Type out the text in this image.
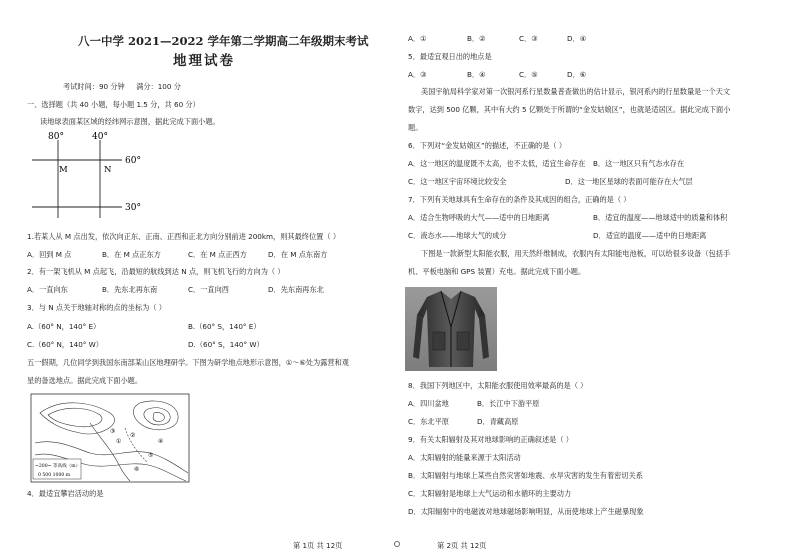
八一中学 2021—2022 学年第二学期高二年级期末考试
地理试卷
考试时间：90 分钟     满分：100 分
一、选择题（共 40 小题，每小题 1.5 分，共 60 分）
读地球表面某区域的经纬网示意图，据此完成下面小题。
80°	40°
60°
30°
M	N
1.若某人从 M 点出发，依次向正东、正南、正西和正北方向分别前进 200km，则其最终位置（ ）
A．回到 M 点	B．在 M 点正东方	C．在 M 点正西方	D．在 M 点东南方
2．有一架飞机从 M 点起飞，沿最短的航线到达 N 点，则飞机飞行的方向为（ ）
A．一直向东	B．先东北再东南	C．一直向西	D．先东南再东北
3．与 N 点关于地轴对称的点的坐标为（ ）
A.（60° N，140° E）	B.（60° S，140° E）
C.（60° N，140° W）	D.（60° S，140° W）
五一假期，几位同学到我国东南部某山区地理研学。下图为研学地点地形示意图，①～⑥处为露营和观
星的备选地点。据此完成下面小题。
①
②
③
④
⑤
⑥
~200~ 等高线（m）
0 500 1000 m
4．最适宜攀岩活动的是
第 1页 共 12页
A．①	B．②	C．③	D．④
5．最适宜观日出的地点是
A．③	B．④	C．⑤	D．⑥
美国宇航局科学家对第一次银河系行星数量普查做出的估计显示，银河系内的行星数量是一个天文
数字，达到 500 亿颗，其中有大约 5 亿颗处于所谓的“金发姑娘区”，也就是适居区。据此完成下面小
题。
6．下列对“金发姑娘区”的描述，不正确的是（ ）
A．这一地区的温度既不太高，也不太低，适宜生命存在 B．这一地区只有气态水存在
C．这一地区宇宙环境比较安全	D．这一地区星球的表面可能存在大气层
7．下列有关地球具有生命存在的条件及其成因的组合，正确的是（ ）
A．适合生物呼吸的大气——适中的日地距离	B．适宜的温度——地球适中的质量和体积
C．液态水——地球大气的成分	D．适宜的温度——适中的日地距离
下图是一款新型太阳能衣服，用天然纤维制成，衣服内有太阳能电池板，可以给很多设备（包括手
机、平板电脑和 GPS 装置）充电。据此完成下面小题。
8．我国下列地区中，太阳能衣服使用效率最高的是（ ）
A．四川盆地	B．长江中下游平原
C．东北平原	D．青藏高原
9．有关太阳辐射及其对地球影响的正确叙述是（ ）
A．太阳辐射的能量来源于太阳活动
B．太阳辐射与地球上某些自然灾害如地震、水旱灾害的发生有着密切关系
C．太阳辐射是地球上大气运动和水循环的主要动力
D．太阳辐射中的电磁波对地球磁场影响明显，从而使地球上产生磁暴现象
第 2页 共 12页
